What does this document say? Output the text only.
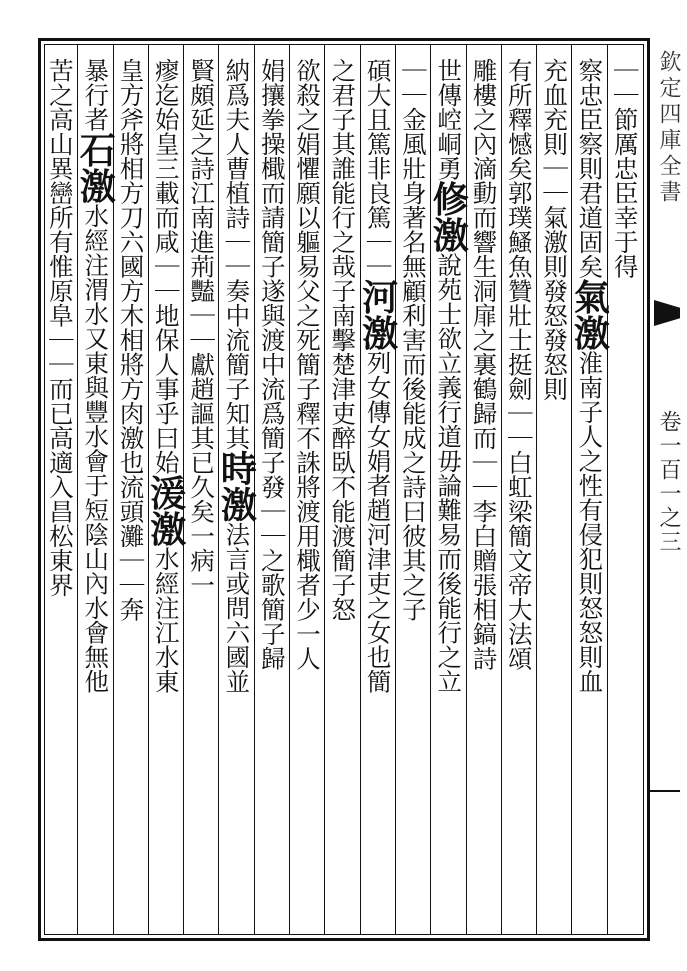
欽定四庫全書
卷一百一之三
｜｜節厲忠臣幸于得
察忠臣察則君道固矣氣激淮南子人之性有侵犯則怒怒則血
充血充則｜｜氣激則發怒發怒則
有所釋憾矣郭璞鰠魚贊壯士挺劍｜｜白虹梁簡文帝大法頌
雕樓之內滴動而響生洞扉之裏鶴歸而｜｜李白贈張相鎬詩
世傳崆峒勇修激說苑士欲立義行道毋論難易而後能行之立
｜｜金風壯身著名無顧利害而後能成之詩曰彼其之子
碩大且篤非良篤｜｜河激列女傳女娟者趙河津吏之女也簡
之君子其誰能行之哉子南擊楚津吏醉臥不能渡簡子怒
欲殺之娟懼願以軀易父之死簡子釋不誅將渡用檝者少一人
娟攘拳操檝而請簡子遂與渡中流爲簡子發｜｜之歌簡子歸
納爲夫人曹植詩｜｜奏中流簡子知其時激法言或問六國並
賢頗延之詩江南進荊豔｜｜獻趙謳其已久矣一病一
瘳迄始皇三載而咸｜｜地保人事乎曰始湲激水經注江水東
皇方斧將相方刀六國方木相將方肉激也流頭灘｜｜奔
暴行者石激水經注渭水又東與豐水會于短陰山內水會無他
苦之高山異巒所有惟原阜｜｜而已高適入昌松東界
